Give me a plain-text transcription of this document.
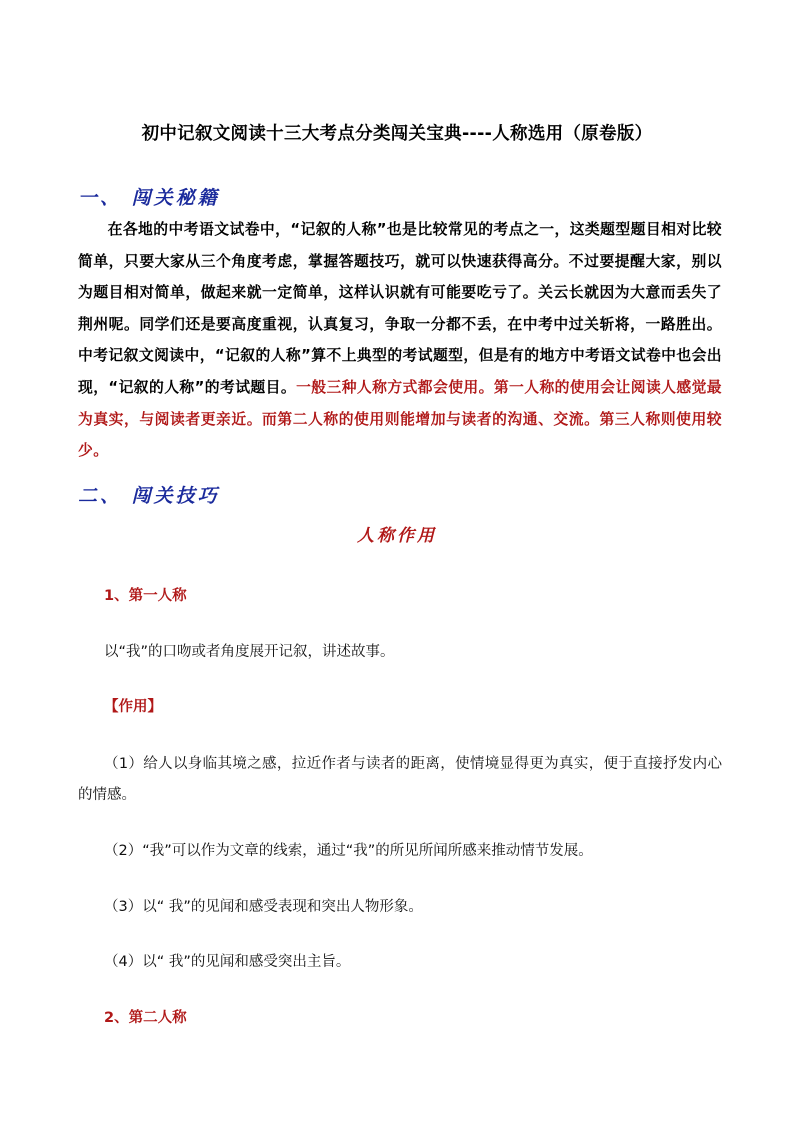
初中记叙文阅读十三大考点分类闯关宝典----人称选用（原卷版）
一、 闯关秘籍
在各地的中考语文试卷中，“记叙的人称”也是比较常见的考点之一，这类题型题目相对比较简单，只要大家从三个角度考虑，掌握答题技巧，就可以快速获得高分。不过要提醒大家，别以为题目相对简单，做起来就一定简单，这样认识就有可能要吃亏了。关云长就因为大意而丢失了荆州呢。同学们还是要高度重视，认真复习，争取一分都不丢，在中考中过关斩将，一路胜出。中考记叙文阅读中，“记叙的人称”算不上典型的考试题型，但是有的地方中考语文试卷中也会出现，“记叙的人称”的考试题目。一般三种人称方式都会使用。第一人称的使用会让阅读人感觉最为真实，与阅读者更亲近。而第二人称的使用则能增加与读者的沟通、交流。第三人称则使用较少。
二、 闯关技巧
人称作用
1、第一人称
以“我”的口吻或者角度展开记叙，讲述故事。
【作用】
（1）给人以身临其境之感，拉近作者与读者的距离，使情境显得更为真实，便于直接抒发内心的情感。
（2）“我”可以作为文章的线索，通过“我”的所见所闻所感来推动情节发展。
（3）以“ 我”的见闻和感受表现和突出人物形象。
（4）以“ 我”的见闻和感受突出主旨。
2、第二人称
